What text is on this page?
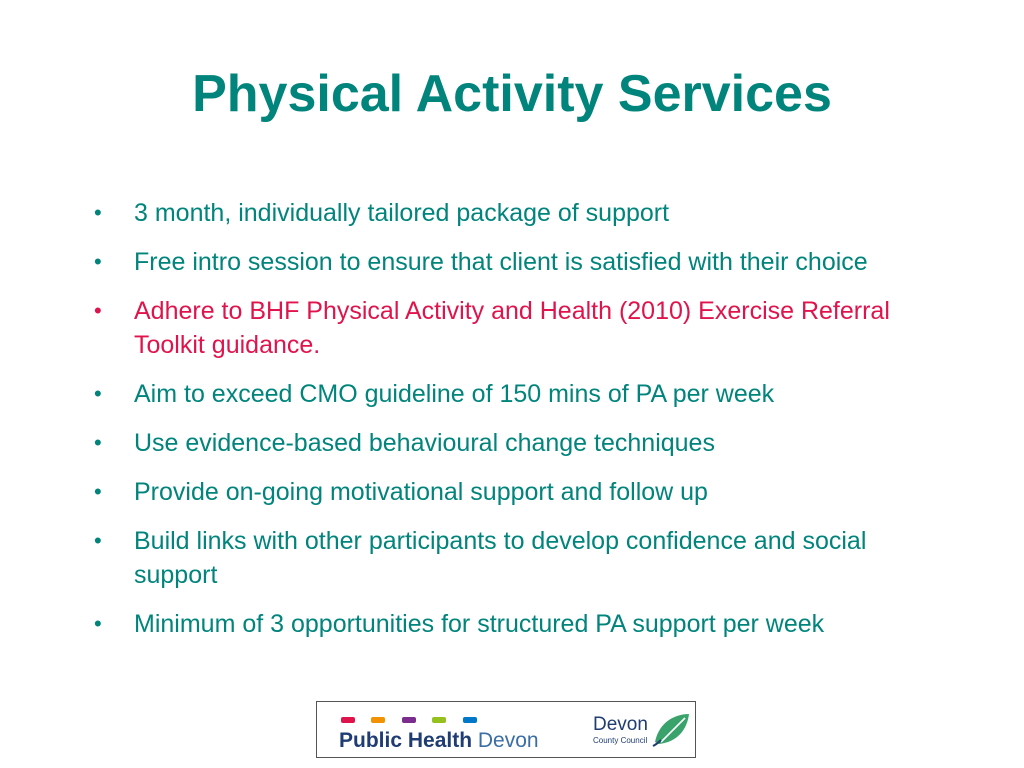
Physical Activity Services
•	3 month, individually tailored package of support
•	Free intro session to ensure that client is satisfied with their choice
•	Adhere to BHF Physical Activity and Health (2010) Exercise Referral Toolkit guidance.
•	Aim to exceed CMO guideline of 150 mins of PA per week
•	Use evidence-based behavioural change techniques
•	Provide on-going motivational support and follow up
•	Build links with other participants to develop confidence and social support
•	Minimum of 3 opportunities for structured PA support per week

Public Health Devon
Devon
County Council
